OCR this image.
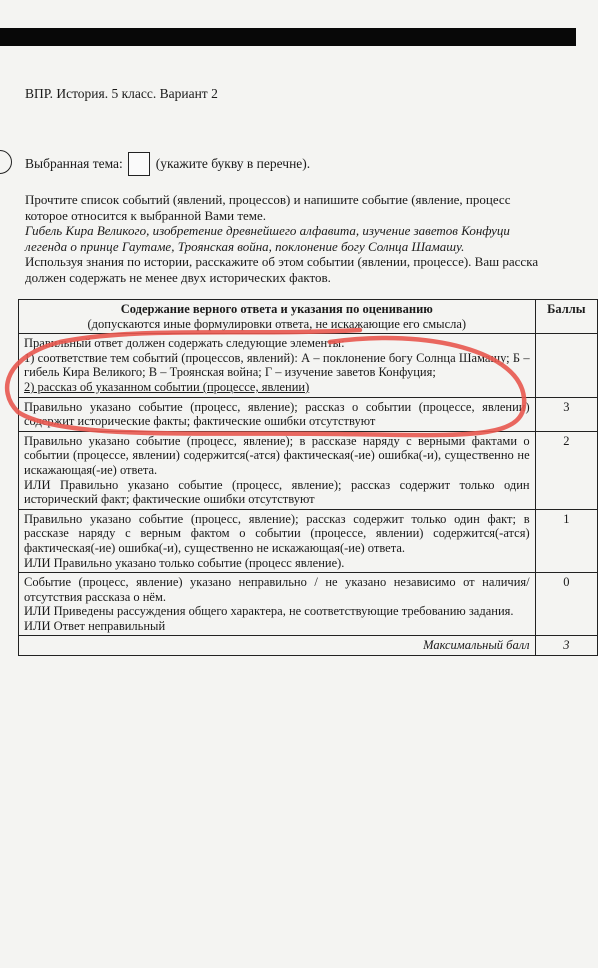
ВПР. История. 5 класс. Вариант 2
Выбранная тема: (укажите букву в перечне).
Прочтите список событий (явлений, процессов) и напишите событие (явление, процесс
которое относится к выбранной Вами теме.
Гибель Кира Великого, изобретение древнейшего алфавита, изучение заветов Конфуци
легенда о принце Гаутаме, Троянская война, поклонение богу Солнца Шамашу.
Используя знания по истории, расскажите об этом событии (явлении, процессе). Ваш расска
должен содержать не менее двух исторических фактов.
Содержание верного ответа и указания по оцениванию
(допускаются иные формулировки ответа, не искажающие его смысла)	Баллы

Правильный ответ должен содержать следующие элементы:
1) соответствие тем событий (процессов, явлений): А – поклонение богу Солнца Шамашу; Б – гибель Кира Великого; В – Троянская война; Г – изучение заветов Конфуция;
2) рассказ об указанном событии (процессе, явлении)	

Правильно указано событие (процесс, явление); рассказ о событии (процессе, явлении) содержит исторические факты; фактические ошибки отсутствуют	3

Правильно указано событие (процесс, явление); в рассказе наряду с верными фактами о событии (процессе, явлении) содержится(-атся) фактическая(-ие) ошибка(-и), существенно не искажающая(-ие) ответа.
ИЛИ Правильно указано событие (процесс, явление); рассказ содержит только один исторический факт; фактические ошибки отсутствуют	2

Правильно указано событие (процесс, явление); рассказ содержит только один факт; в рассказе наряду с верным фактом о событии (процессе, явлении) содержится(-атся) фактическая(-ие) ошибка(-и), существенно не искажающая(-ие) ответа.
ИЛИ Правильно указано только событие (процесс явление).	1

Событие (процесс, явление) указано неправильно / не указано независимо от наличия/отсутствия рассказа о нём.
ИЛИ Приведены рассуждения общего характера, не соответствующие требованию задания.
ИЛИ Ответ неправильный	0
Максимальный балл	3
